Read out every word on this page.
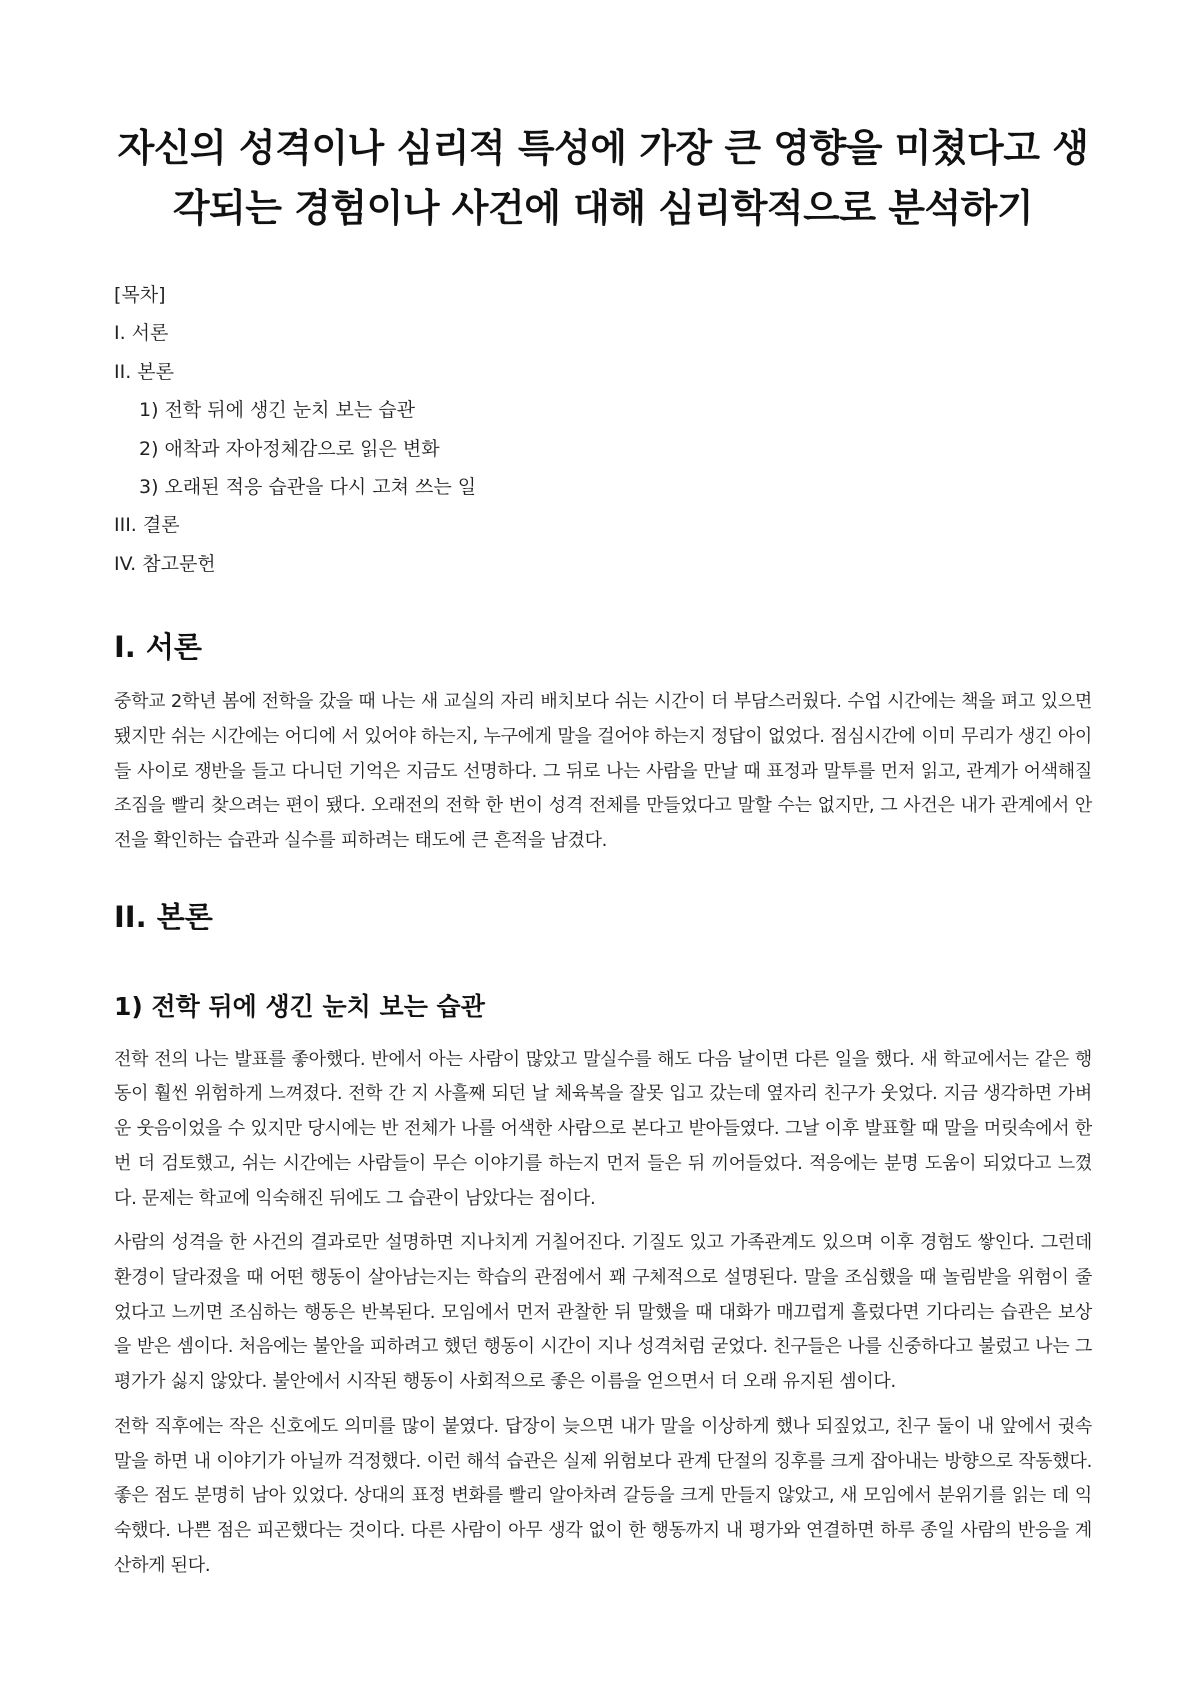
자신의 성격이나 심리적 특성에 가장 큰 영향을 미쳤다고 생각되는 경험이나 사건에 대해 심리학적으로 분석하기
[목차]
I. 서론
II. 본론
1) 전학 뒤에 생긴 눈치 보는 습관
2) 애착과 자아정체감으로 읽은 변화
3) 오래된 적응 습관을 다시 고쳐 쓰는 일
III. 결론
IV. 참고문헌
I. 서론

중학교 2학년 봄에 전학을 갔을 때 나는 새 교실의 자리 배치보다 쉬는 시간이 더 부담스러웠다. 수업 시간에는 책을 펴고 있으면 됐지만 쉬는 시간에는 어디에 서 있어야 하는지, 누구에게 말을 걸어야 하는지 정답이 없었다. 점심시간에 이미 무리가 생긴 아이들 사이로 쟁반을 들고 다니던 기억은 지금도 선명하다. 그 뒤로 나는 사람을 만날 때 표정과 말투를 먼저 읽고, 관계가 어색해질 조짐을 빨리 찾으려는 편이 됐다. 오래전의 전학 한 번이 성격 전체를 만들었다고 말할 수는 없지만, 그 사건은 내가 관계에서 안전을 확인하는 습관과 실수를 피하려는 태도에 큰 흔적을 남겼다.

II. 본론
1) 전학 뒤에 생긴 눈치 보는 습관

전학 전의 나는 발표를 좋아했다. 반에서 아는 사람이 많았고 말실수를 해도 다음 날이면 다른 일을 했다. 새 학교에서는 같은 행동이 훨씬 위험하게 느껴졌다. 전학 간 지 사흘째 되던 날 체육복을 잘못 입고 갔는데 옆자리 친구가 웃었다. 지금 생각하면 가벼운 웃음이었을 수 있지만 당시에는 반 전체가 나를 어색한 사람으로 본다고 받아들였다. 그날 이후 발표할 때 말을 머릿속에서 한 번 더 검토했고, 쉬는 시간에는 사람들이 무슨 이야기를 하는지 먼저 들은 뒤 끼어들었다. 적응에는 분명 도움이 되었다고 느꼈다. 문제는 학교에 익숙해진 뒤에도 그 습관이 남았다는 점이다.

사람의 성격을 한 사건의 결과로만 설명하면 지나치게 거칠어진다. 기질도 있고 가족관계도 있으며 이후 경험도 쌓인다. 그런데 환경이 달라졌을 때 어떤 행동이 살아남는지는 학습의 관점에서 꽤 구체적으로 설명된다. 말을 조심했을 때 놀림받을 위험이 줄었다고 느끼면 조심하는 행동은 반복된다. 모임에서 먼저 관찰한 뒤 말했을 때 대화가 매끄럽게 흘렀다면 기다리는 습관은 보상을 받은 셈이다. 처음에는 불안을 피하려고 했던 행동이 시간이 지나 성격처럼 굳었다. 친구들은 나를 신중하다고 불렀고 나는 그 평가가 싫지 않았다. 불안에서 시작된 행동이 사회적으로 좋은 이름을 얻으면서 더 오래 유지된 셈이다.

전학 직후에는 작은 신호에도 의미를 많이 붙였다. 답장이 늦으면 내가 말을 이상하게 했나 되짚었고, 친구 둘이 내 앞에서 귓속말을 하면 내 이야기가 아닐까 걱정했다. 이런 해석 습관은 실제 위험보다 관계 단절의 징후를 크게 잡아내는 방향으로 작동했다. 좋은 점도 분명히 남아 있었다. 상대의 표정 변화를 빨리 알아차려 갈등을 크게 만들지 않았고, 새 모임에서 분위기를 읽는 데 익숙했다. 나쁜 점은 피곤했다는 것이다. 다른 사람이 아무 생각 없이 한 행동까지 내 평가와 연결하면 하루 종일 사람의 반응을 계산하게 된다.
